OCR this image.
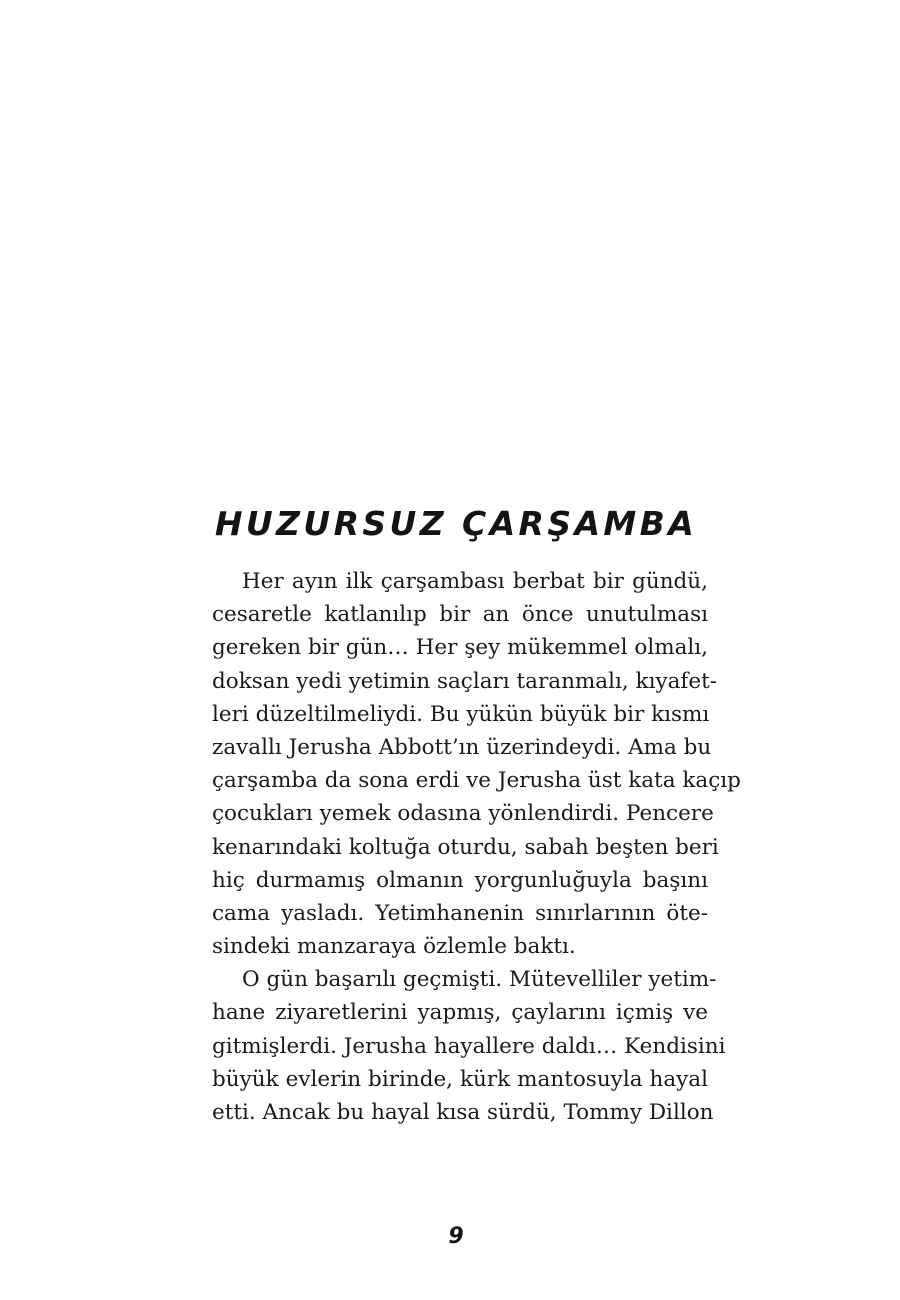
HUZURSUZ ÇARŞAMBA

Her ayın ilk çarşambası berbat bir gündü,
cesaretle katlanılıp bir an önce unutulması
gereken bir gün… Her şey mükemmel olmalı,
doksan yedi yetimin saçları taranmalı, kıyafet-
leri düzeltilmeliydi. Bu yükün büyük bir kısmı
zavallı Jerusha Abbott’ın üzerindeydi. Ama bu
çarşamba da sona erdi ve Jerusha üst kata kaçıp
çocukları yemek odasına yönlendirdi. Pencere
kenarındaki koltuğa oturdu, sabah beşten beri
hiç durmamış olmanın yorgunluğuyla başını
cama yasladı. Yetimhanenin sınırlarının öte-
sindeki manzaraya özlemle baktı.

O gün başarılı geçmişti. Mütevelliler yetim-
hane ziyaretlerini yapmış, çaylarını içmiş ve
gitmişlerdi. Jerusha hayallere daldı… Kendisini
büyük evlerin birinde, kürk mantosuyla hayal
etti. Ancak bu hayal kısa sürdü, Tommy Dillon

9
